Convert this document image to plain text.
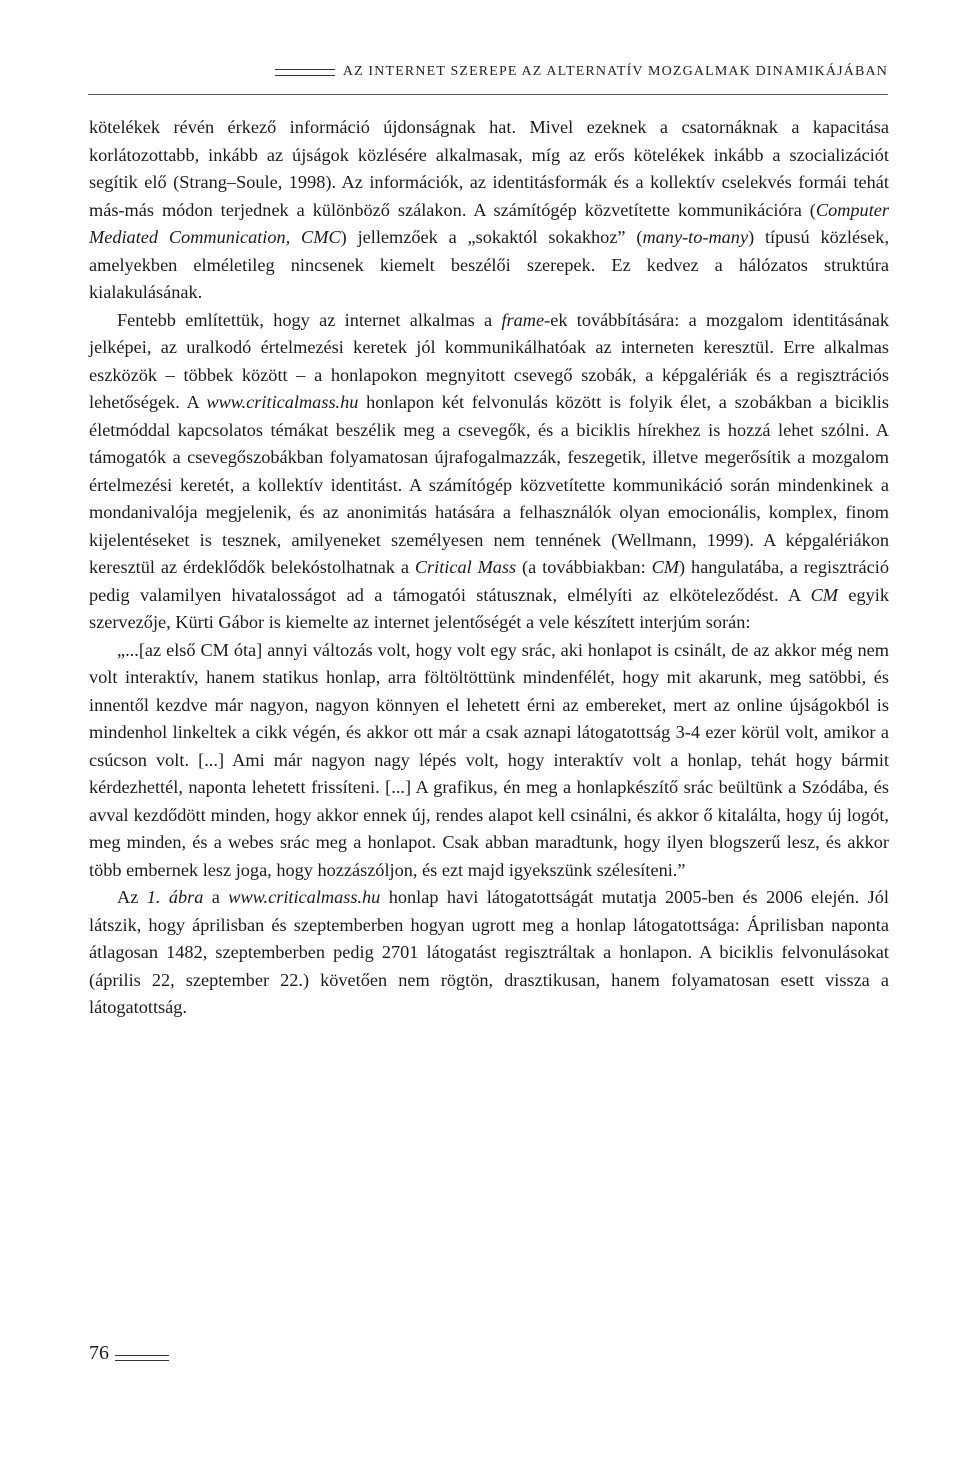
AZ INTERNET SZEREPE AZ ALTERNATÍV MOZGALMAK DINAMIKÁJÁBAN

kötelékek révén érkező információ újdonságnak hat. Mivel ezeknek a csatornáknak a kapacitása korlátozottabb, inkább az újságok közlésére alkalmasak, míg az erős kötelékek inkább a szocializációt segítik elő (Strang–Soule, 1998). Az információk, az identitásformák és a kollektív cselekvés formái tehát más-más módon terjednek a különböző szálakon. A számítógép közvetítette kommunikációra (Computer Mediated Communication, CMC) jellemzőek a „sokaktól sokakhoz” (many-to-many) típusú közlések, amelyekben elméletileg nincsenek kiemelt beszélői szerepek. Ez kedvez a hálózatos struktúra kialakulásának.

Fentebb említettük, hogy az internet alkalmas a frame-ek továbbítására: a mozgalom identitásának jelképei, az uralkodó értelmezési keretek jól kommunikálhatóak az interneten keresztül. Erre alkalmas eszközök – többek között – a honlapokon megnyitott csevegő szobák, a képgalériák és a regisztrációs lehetőségek. A www.criticalmass.hu honlapon két felvonulás között is folyik élet, a szobákban a biciklis életmóddal kapcsolatos témákat beszélik meg a csevegők, és a biciklis hírekhez is hozzá lehet szólni. A támogatók a csevegőszobákban folyamatosan újrafogalmazzák, feszegetik, illetve megerősítik a mozgalom értelmezési keretét, a kollektív identitást. A számítógép közvetítette kommunikáció során mindenkinek a mondanivalója megjelenik, és az anonimitás hatására a felhasználók olyan emocionális, komplex, finom kijelentéseket is tesznek, amilyeneket személyesen nem tennének (Wellmann, 1999). A képgalériákon keresztül az érdeklődők belekóstolhatnak a Critical Mass (a továbbiakban: CM) hangulatába, a regisztráció pedig valamilyen hivatalosságot ad a támogatói státusznak, elmélyíti az elköteleződést. A CM egyik szervezője, Kürti Gábor is kiemelte az internet jelentőségét a vele készített interjúm során:

„...[az első CM óta] annyi változás volt, hogy volt egy srác, aki honlapot is csinált, de az akkor még nem volt interaktív, hanem statikus honlap, arra föltöltöttünk mindenfélét, hogy mit akarunk, meg satöbbi, és innentől kezdve már nagyon, nagyon könnyen el lehetett érni az embereket, mert az online újságokból is mindenhol linkeltek a cikk végén, és akkor ott már a csak aznapi látogatottság 3-4 ezer körül volt, amikor a csúcson volt. [...] Ami már nagyon nagy lépés volt, hogy interaktív volt a honlap, tehát hogy bármit kérdezhettél, naponta lehetett frissíteni. [...] A grafikus, én meg a honlapkészítő srác beültünk a Szódába, és avval kezdődött minden, hogy akkor ennek új, rendes alapot kell csinálni, és akkor ő kitalálta, hogy új logót, meg minden, és a webes srác meg a honlapot. Csak abban maradtunk, hogy ilyen blogszerű lesz, és akkor több embernek lesz joga, hogy hozzászóljon, és ezt majd igyekszünk szélesíteni.”

Az 1. ábra a www.criticalmass.hu honlap havi látogatottságát mutatja 2005-ben és 2006 elején. Jól látszik, hogy áprilisban és szeptemberben hogyan ugrott meg a honlap látogatottsága: Áprilisban naponta átlagosan 1482, szeptemberben pedig 2701 látogatást regisztráltak a honlapon. A biciklis felvonulásokat (április 22, szeptember 22.) követően nem rögtön, drasztikusan, hanem folyamatosan esett vissza a látogatottság.

76
